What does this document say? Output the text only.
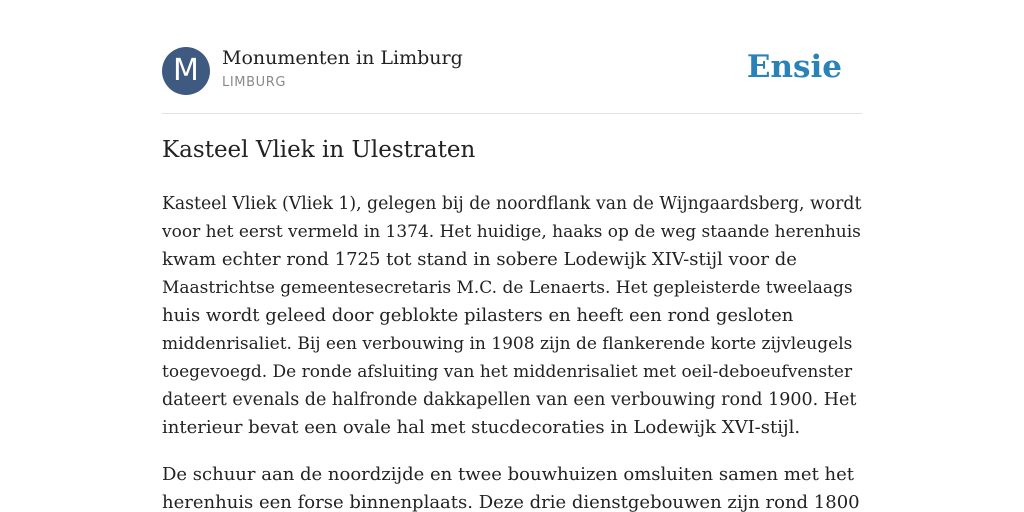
M	Monumenten in Limburg
LIMBURG	Ensie
Kasteel Vliek in Ulestraten
Kasteel Vliek (Vliek 1), gelegen bij de noordflank van de Wijngaardsberg, wordt
voor het eerst vermeld in 1374. Het huidige, haaks op de weg staande herenhuis
kwam echter rond 1725 tot stand in sobere Lodewijk XIV-stijl voor de
Maastrichtse gemeentesecretaris M.C. de Lenaerts. Het gepleisterde tweelaags
huis wordt geleed door geblokte pilasters en heeft een rond gesloten
middenrisaliet. Bij een verbouwing in 1908 zijn de flankerende korte zijvleugels
toegevoegd. De ronde afsluiting van het middenrisaliet met oeil-deboeufvenster
dateert evenals de halfronde dakkapellen van een verbouwing rond 1900. Het
interieur bevat een ovale hal met stucdecoraties in Lodewijk XVI-stijl.
De schuur aan de noordzijde en twee bouwhuizen omsluiten samen met het
herenhuis een forse binnenplaats. Deze drie dienstgebouwen zijn rond 1800
